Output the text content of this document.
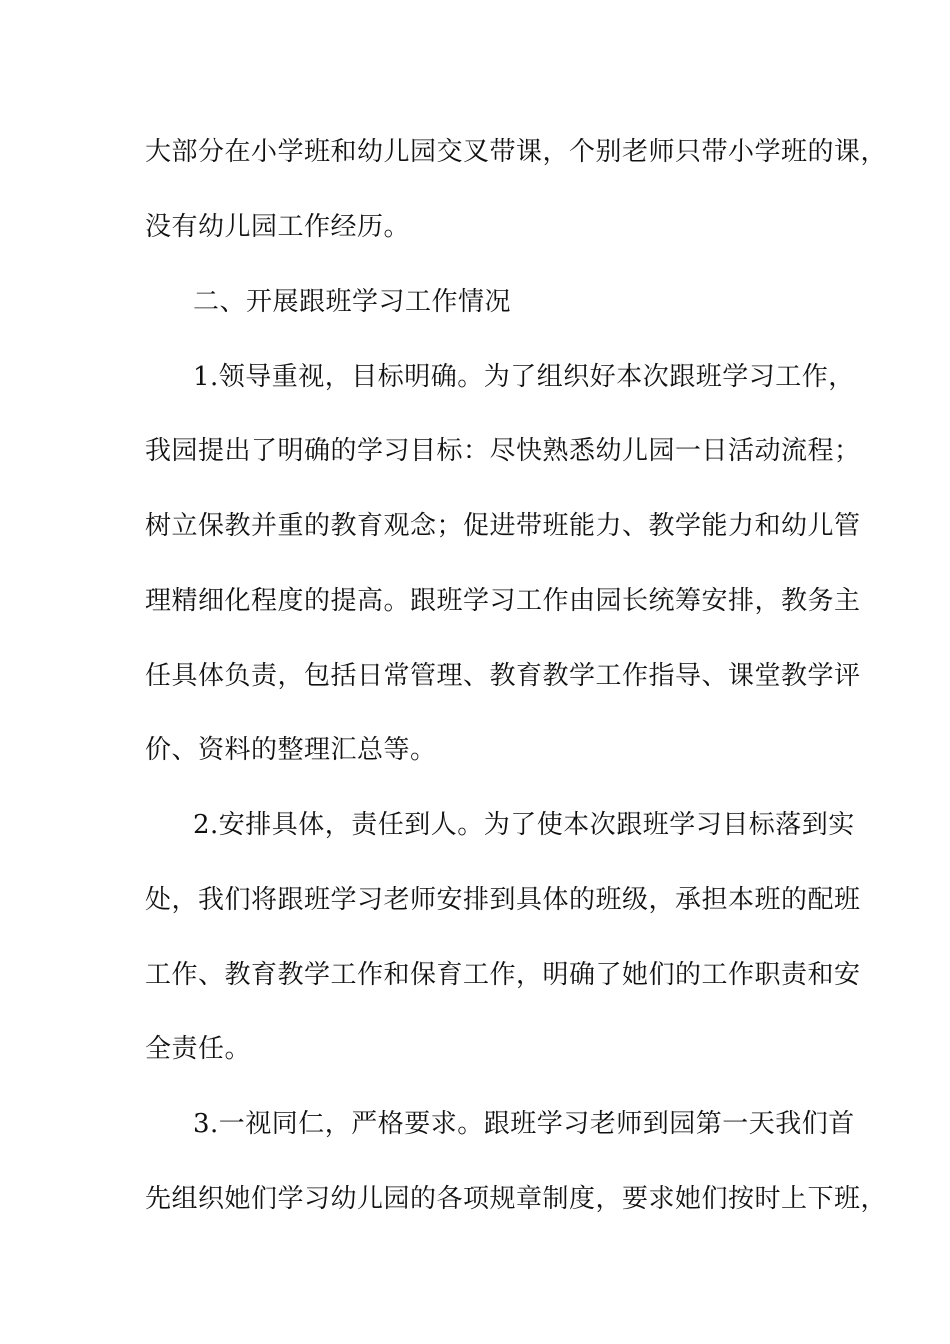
大部分在小学班和幼儿园交叉带课，个别老师只带小学班的课，
没有幼儿园工作经历。
二、开展跟班学习工作情况
1.领导重视，目标明确。为了组织好本次跟班学习工作，
我园提出了明确的学习目标：尽快熟悉幼儿园一日活动流程；
树立保教并重的教育观念；促进带班能力、教学能力和幼儿管
理精细化程度的提高。跟班学习工作由园长统筹安排，教务主
任具体负责，包括日常管理、教育教学工作指导、课堂教学评
价、资料的整理汇总等。
2.安排具体，责任到人。为了使本次跟班学习目标落到实
处，我们将跟班学习老师安排到具体的班级，承担本班的配班
工作、教育教学工作和保育工作，明确了她们的工作职责和安
全责任。
3.一视同仁，严格要求。跟班学习老师到园第一天我们首
先组织她们学习幼儿园的各项规章制度，要求她们按时上下班，
